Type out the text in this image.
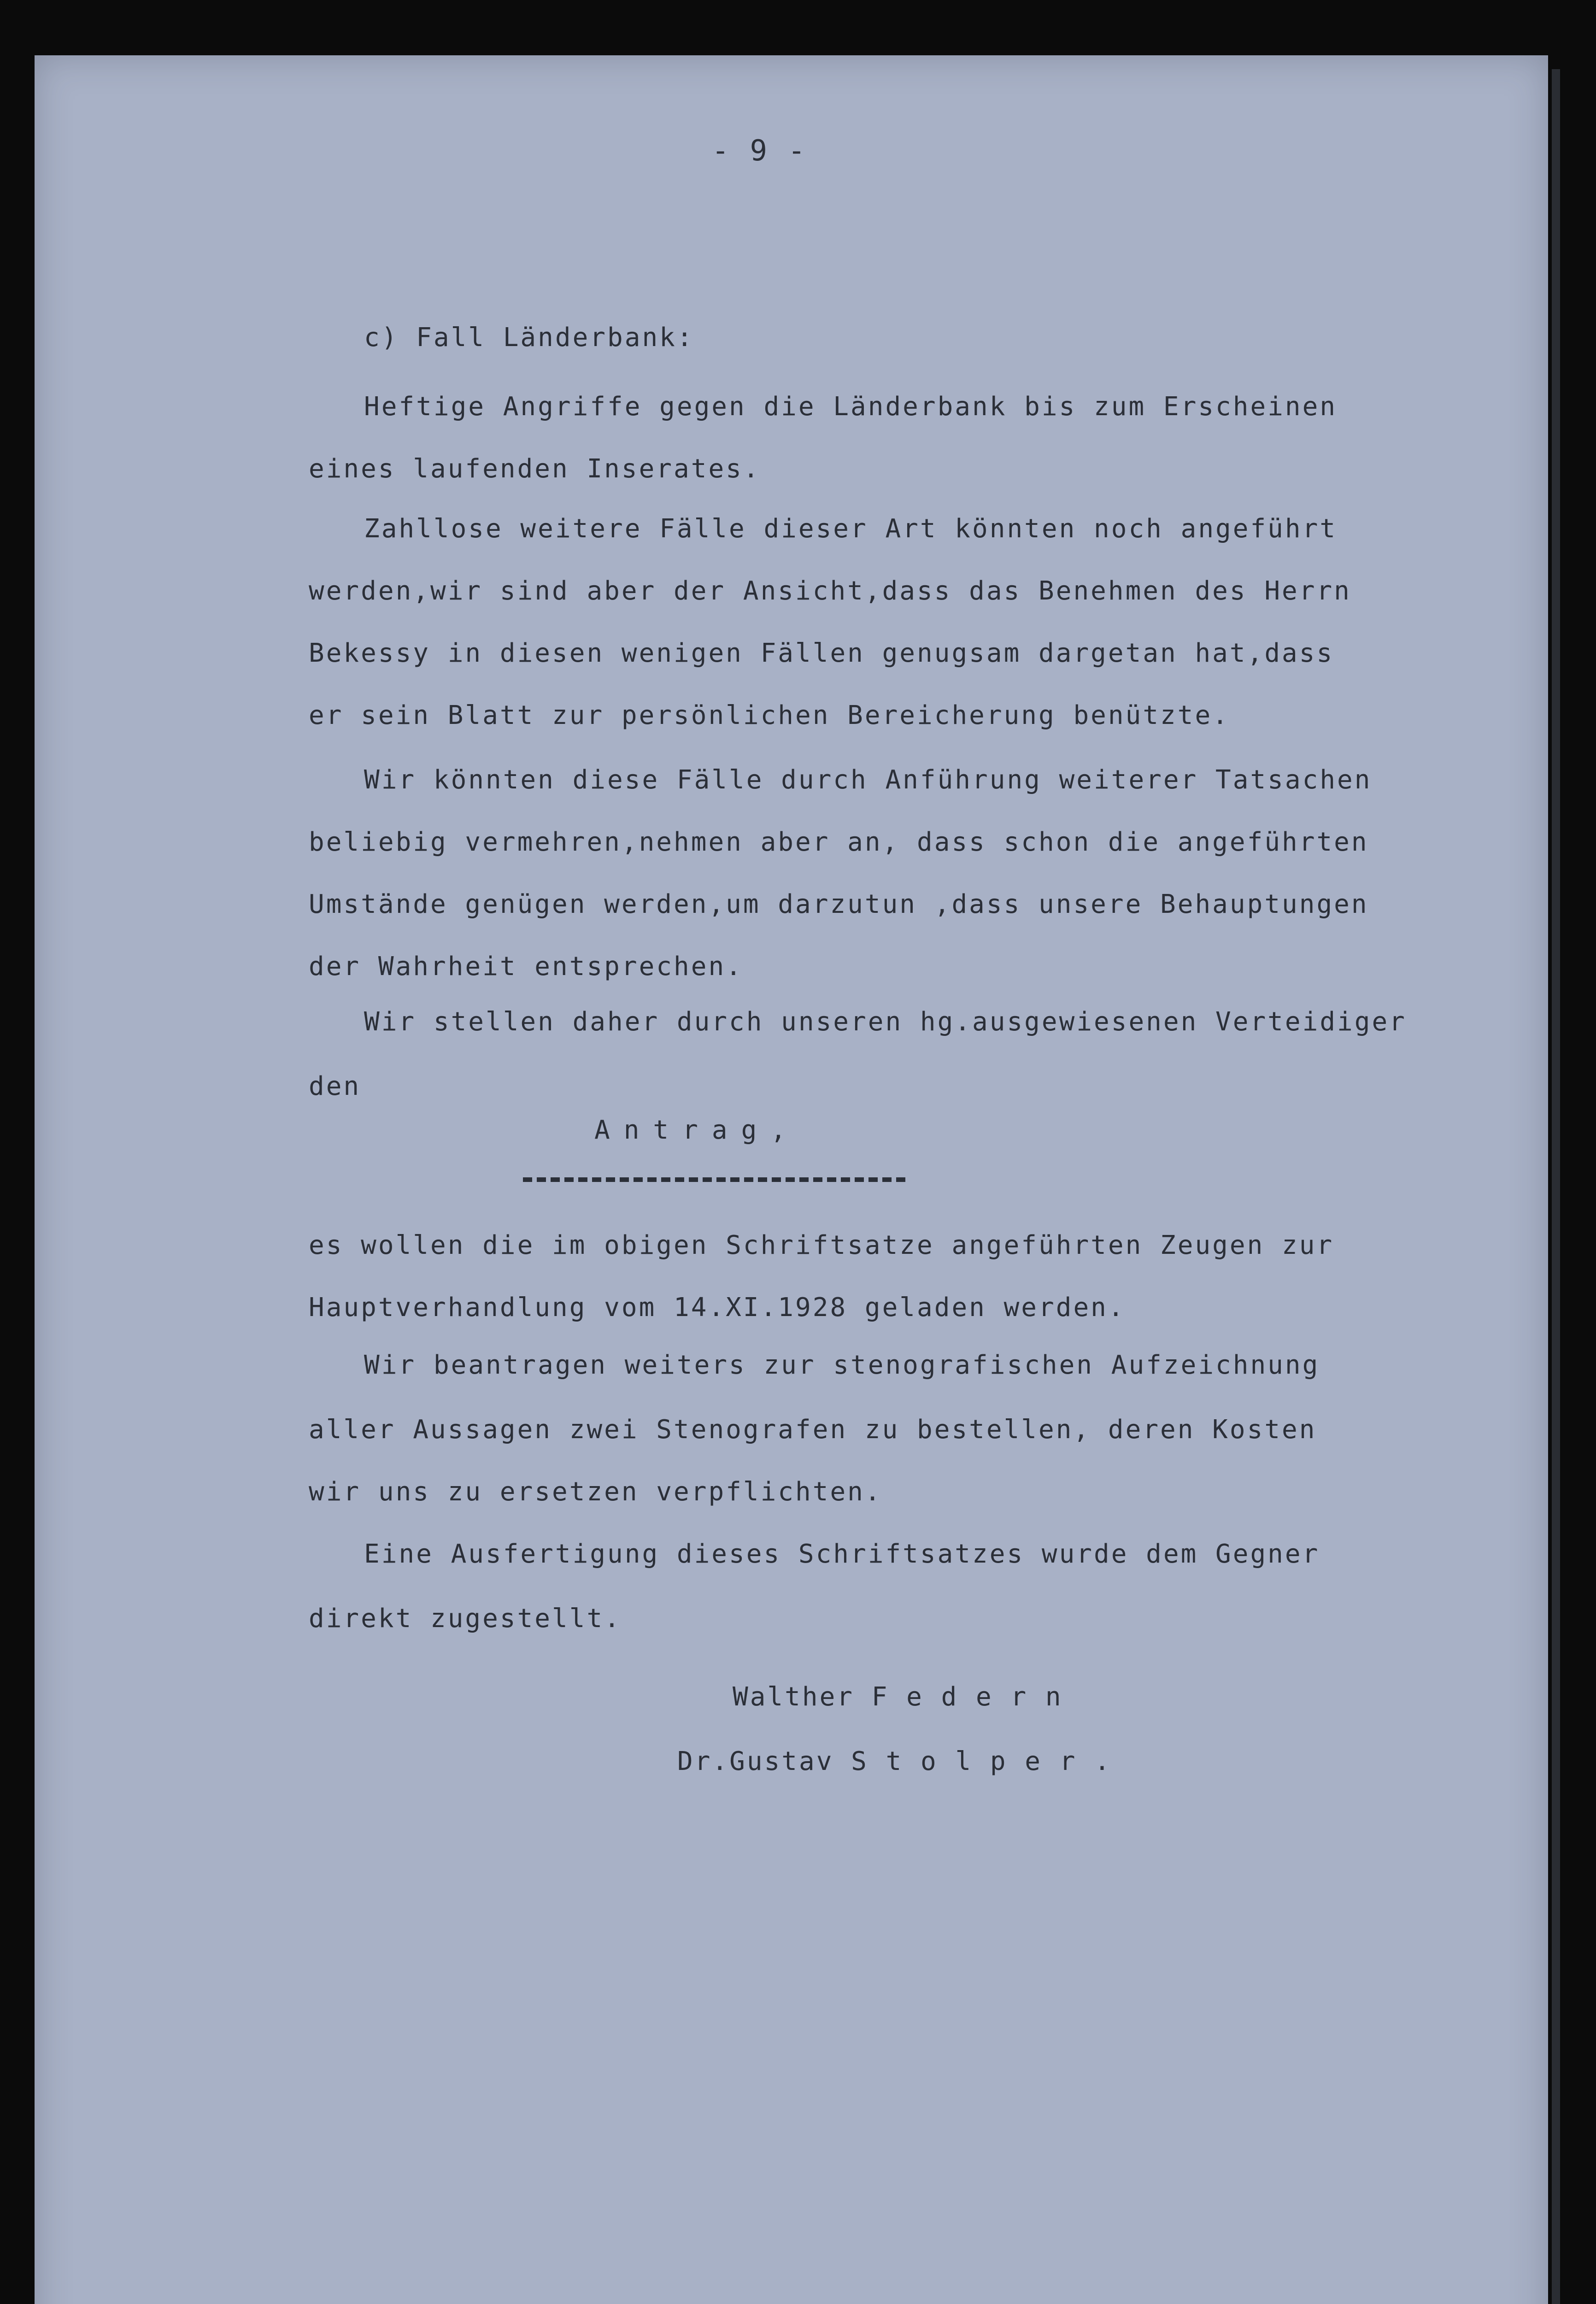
- 9 -
c) Fall Länderbank:
Heftige Angriffe gegen die Länderbank bis zum Erscheinen
eines laufenden Inserates.
Zahllose weitere Fälle dieser Art könnten noch angeführt
werden,wir sind aber der Ansicht,dass das Benehmen des Herrn
Bekessy in diesen wenigen Fällen genugsam dargetan hat,dass
er sein Blatt zur persönlichen Bereicherung benützte.
Wir könnten diese Fälle durch Anführung weiterer Tatsachen
beliebig vermehren,nehmen aber an, dass schon die angeführten
Umstände genügen werden,um darzutun ,dass unsere Behauptungen
der Wahrheit entsprechen.
Wir stellen daher durch unseren hg.ausgewiesenen Verteidiger
den
Antrag,
es wollen die im obigen Schriftsatze angeführten Zeugen zur
Hauptverhandlung vom 14.XI.1928 geladen werden.
Wir beantragen weiters zur stenografischen Aufzeichnung
aller Aussagen zwei Stenografen zu bestellen, deren Kosten
wir uns zu ersetzen verpflichten.
Eine Ausfertigung dieses Schriftsatzes wurde dem Gegner
direkt zugestellt.
Walther F e d e r n
Dr.Gustav S t o l p e r .
